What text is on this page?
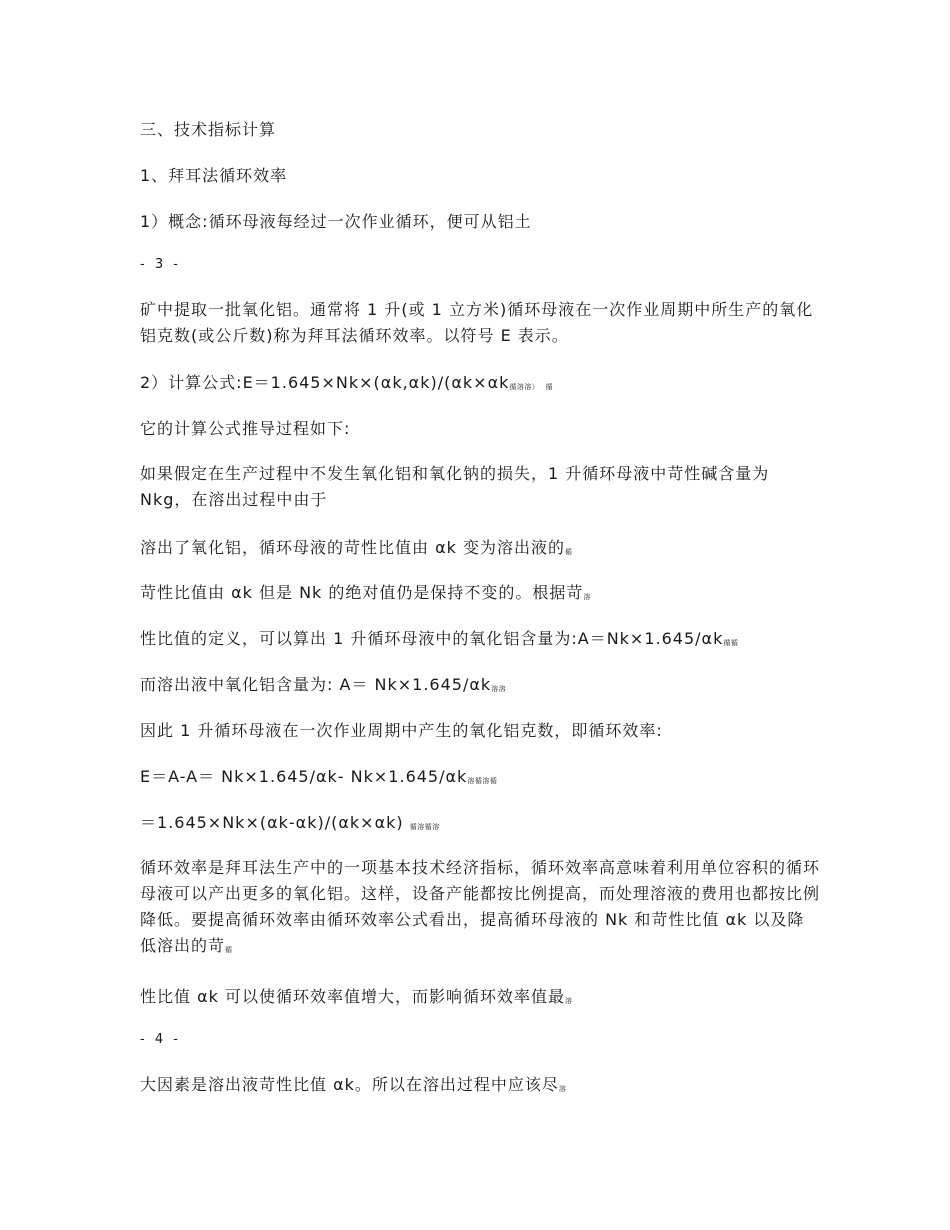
三、技术指标计算

1、拜耳法循环效率

1）概念:循环母液每经过一次作业循环，便可从铝土

- 3 -

矿中提取一批氧化铝。通常将 1 升(或 1 立方米)循环母液在一次作业周期中所生产的氧化铝克数(或公斤数)称为拜耳法循环效率。以符号 E 表示。

2）计算公式:E＝1.645×Nk×(αk,αk)/(αk×αk循溶溶） 循

它的计算公式推导过程如下:

如果假定在生产过程中不发生氧化铝和氧化钠的损失，1 升循环母液中苛性碱含量为 Nkg，在溶出过程中由于

溶出了氧化铝，循环母液的苛性比值由 αk 变为溶出液的循

苛性比值由 αk 但是 Nk 的绝对值仍是保持不变的。根据苛溶

性比值的定义，可以算出 1 升循环母液中的氧化铝含量为:A＝Nk×1.645/αk循循

而溶出液中氧化铝含量为: A＝ Nk×1.645/αk溶溶

因此 1 升循环母液在一次作业周期中产生的氧化铝克数，即循环效率:

E＝A-A＝ Nk×1.645/αk- Nk×1.645/αk溶循溶循

＝1.645×Nk×(αk-αk)/(αk×αk) 循溶循溶

循环效率是拜耳法生产中的一项基本技术经济指标，循环效率高意味着利用单位容积的循环母液可以产出更多的氧化铝。这样，设备产能都按比例提高，而处理溶液的费用也都按比例降低。要提高循环效率由循环效率公式看出，提高循环母液的 Nk 和苛性比值 αk 以及降低溶出的苛循

性比值 αk 可以使循环效率值增大，而影响循环效率值最溶

- 4 -

大因素是溶出液苛性比值 αk。所以在溶出过程中应该尽溶
